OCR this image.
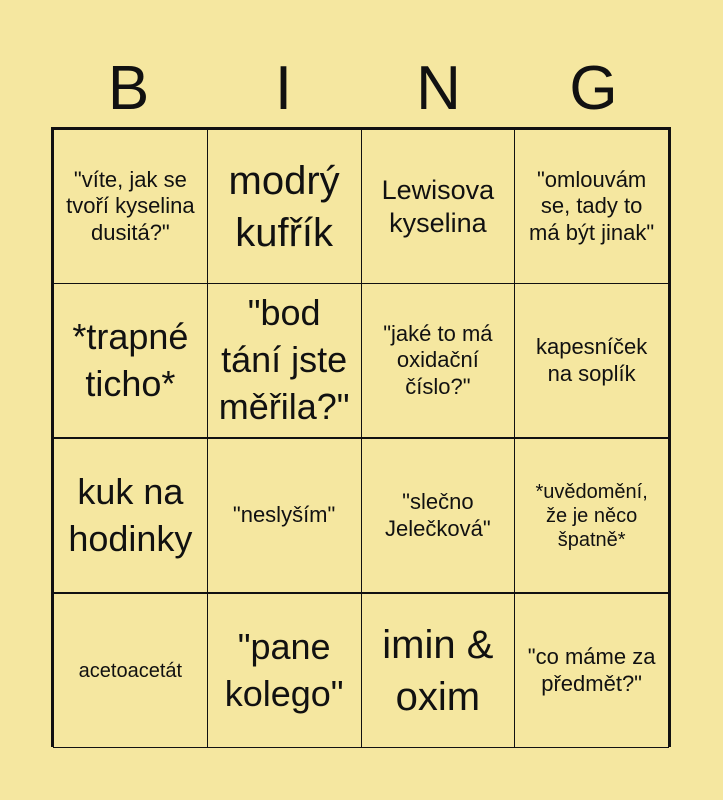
B	I	N	G
"víte, jak se tvoří kyselina dusitá?"
modrý kufřík
Lewisova kyselina
"omlouvám se, tady to má být jinak"
*trapné ticho*
"bod tání jste měřila?"
"jaké to má oxidační číslo?"
kapesníček na soplík
kuk na hodinky
"neslyším"
"slečno Jelečková"
*uvědomění, že je něco špatně*
acetoacetát
"pane kolego"
imin & oxim
"co máme za předmět?"
